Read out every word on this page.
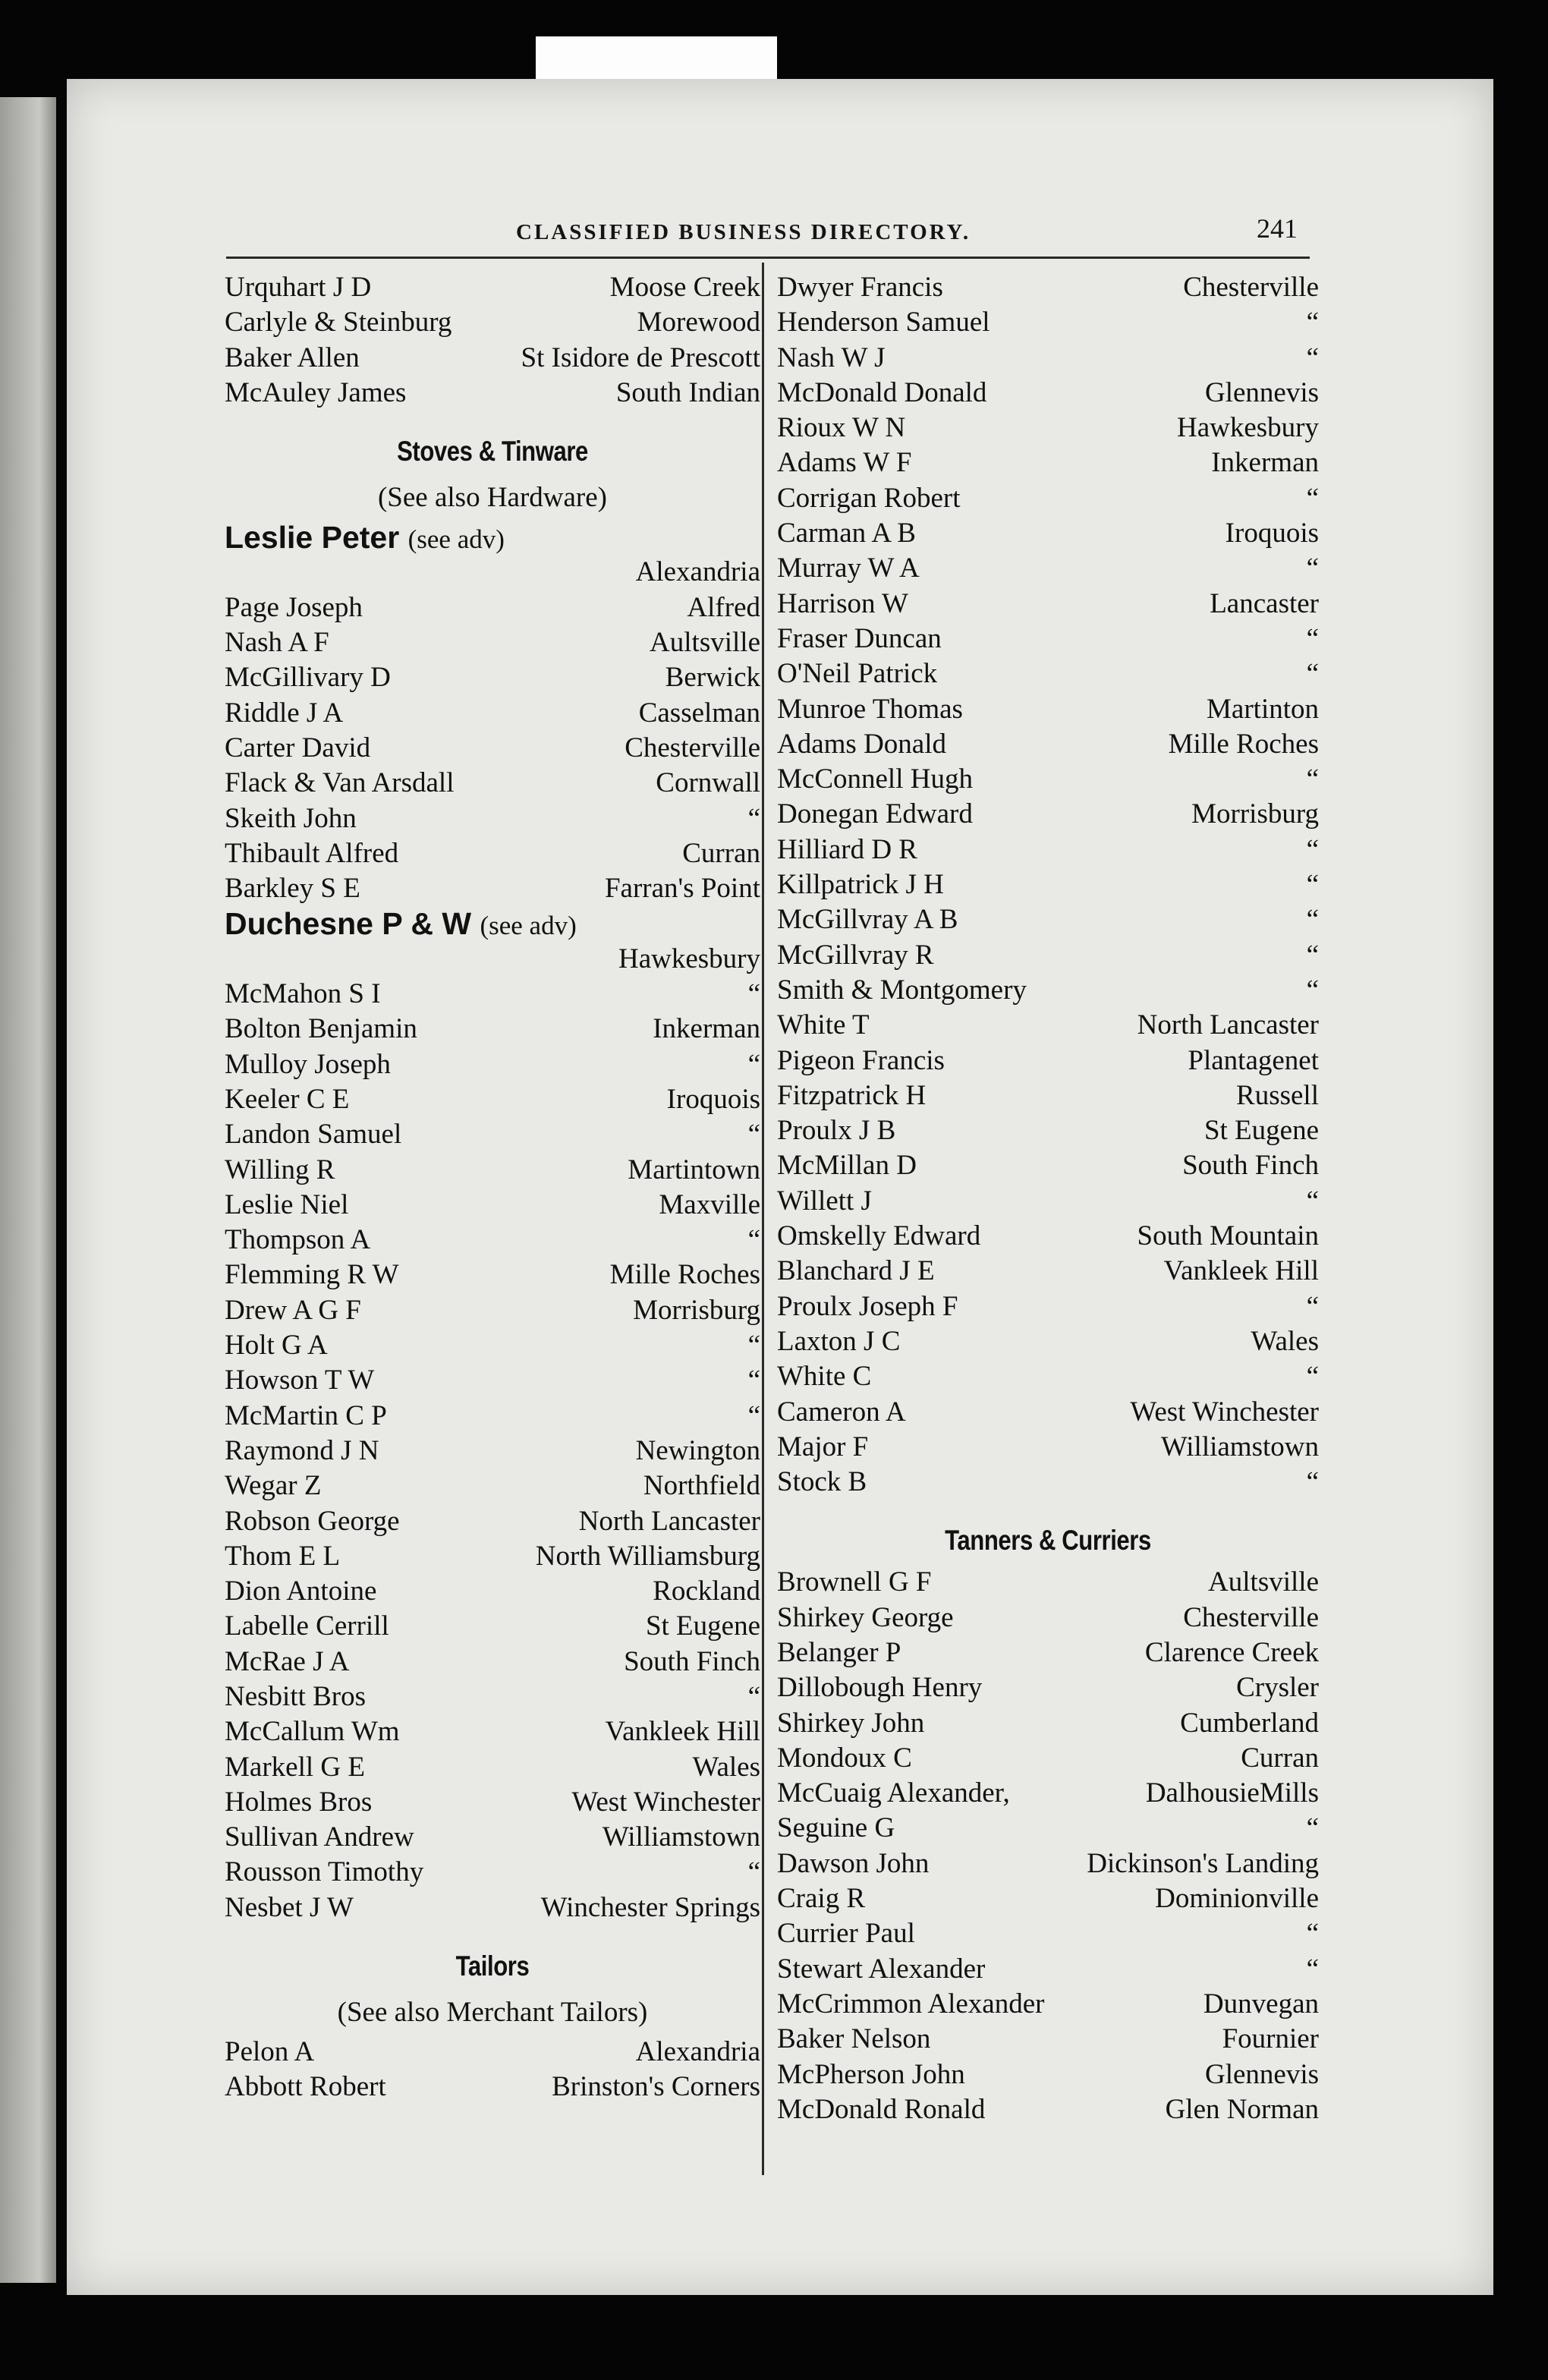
CLASSIFIED BUSINESS DIRECTORY.	241
Urquhart J D	Moose Creek
Carlyle & Steinburg	Morewood
Baker Allen	St Isidore de Prescott
McAuley James	South Indian
Stoves & Tinware
(See also Hardware)
Leslie Peter (see adv)
Alexandria
Page Joseph	Alfred
Nash A F	Aultsville
McGillivary D	Berwick
Riddle J A	Casselman
Carter David	Chesterville
Flack & Van Arsdall	Cornwall
Skeith John	“
Thibault Alfred	Curran
Barkley S E	Farran's Point
Duchesne P & W (see adv)
Hawkesbury
McMahon S I	“
Bolton Benjamin	Inkerman
Mulloy Joseph	“
Keeler C E	Iroquois
Landon Samuel	“
Willing R	Martintown
Leslie Niel	Maxville
Thompson A	“
Flemming R W	Mille Roches
Drew A G F	Morrisburg
Holt G A	“
Howson T W	“
McMartin C P	“
Raymond J N	Newington
Wegar Z	Northfield
Robson George	North Lancaster
Thom E L	North Williamsburg
Dion Antoine	Rockland
Labelle Cerrill	St Eugene
McRae J A	South Finch
Nesbitt Bros	“
McCallum Wm	Vankleek Hill
Markell G E	Wales
Holmes Bros	West Winchester
Sullivan Andrew	Williamstown
Rousson Timothy	“
Nesbet J W	Winchester Springs
Tailors
(See also Merchant Tailors)
Pelon A	Alexandria
Abbott Robert	Brinston's Corners
Dwyer Francis	Chesterville
Henderson Samuel	“
Nash W J	“
McDonald Donald	Glennevis
Rioux W N	Hawkesbury
Adams W F	Inkerman
Corrigan Robert	“
Carman A B	Iroquois
Murray W A	“
Harrison W	Lancaster
Fraser Duncan	“
O'Neil Patrick	“
Munroe Thomas	Martinton
Adams Donald	Mille Roches
McConnell Hugh	“
Donegan Edward	Morrisburg
Hilliard D R	“
Killpatrick J H	“
McGillvray A B	“
McGillvray R	“
Smith & Montgomery	“
White T	North Lancaster
Pigeon Francis	Plantagenet
Fitzpatrick H	Russell
Proulx J B	St Eugene
McMillan D	South Finch
Willett J	“
Omskelly Edward	South Mountain
Blanchard J E	Vankleek Hill
Proulx Joseph F	“
Laxton J C	Wales
White C	“
Cameron A	West Winchester
Major F	Williamstown
Stock B	“
Tanners & Curriers
Brownell G F	Aultsville
Shirkey George	Chesterville
Belanger P	Clarence Creek
Dillobough Henry	Crysler
Shirkey John	Cumberland
Mondoux C	Curran
McCuaig Alexander,	DalhousieMills
Seguine G	“
Dawson John	Dickinson's Landing
Craig R	Dominionville
Currier Paul	“
Stewart Alexander	“
McCrimmon Alexander	Dunvegan
Baker Nelson	Fournier
McPherson John	Glennevis
McDonald Ronald	Glen Norman
